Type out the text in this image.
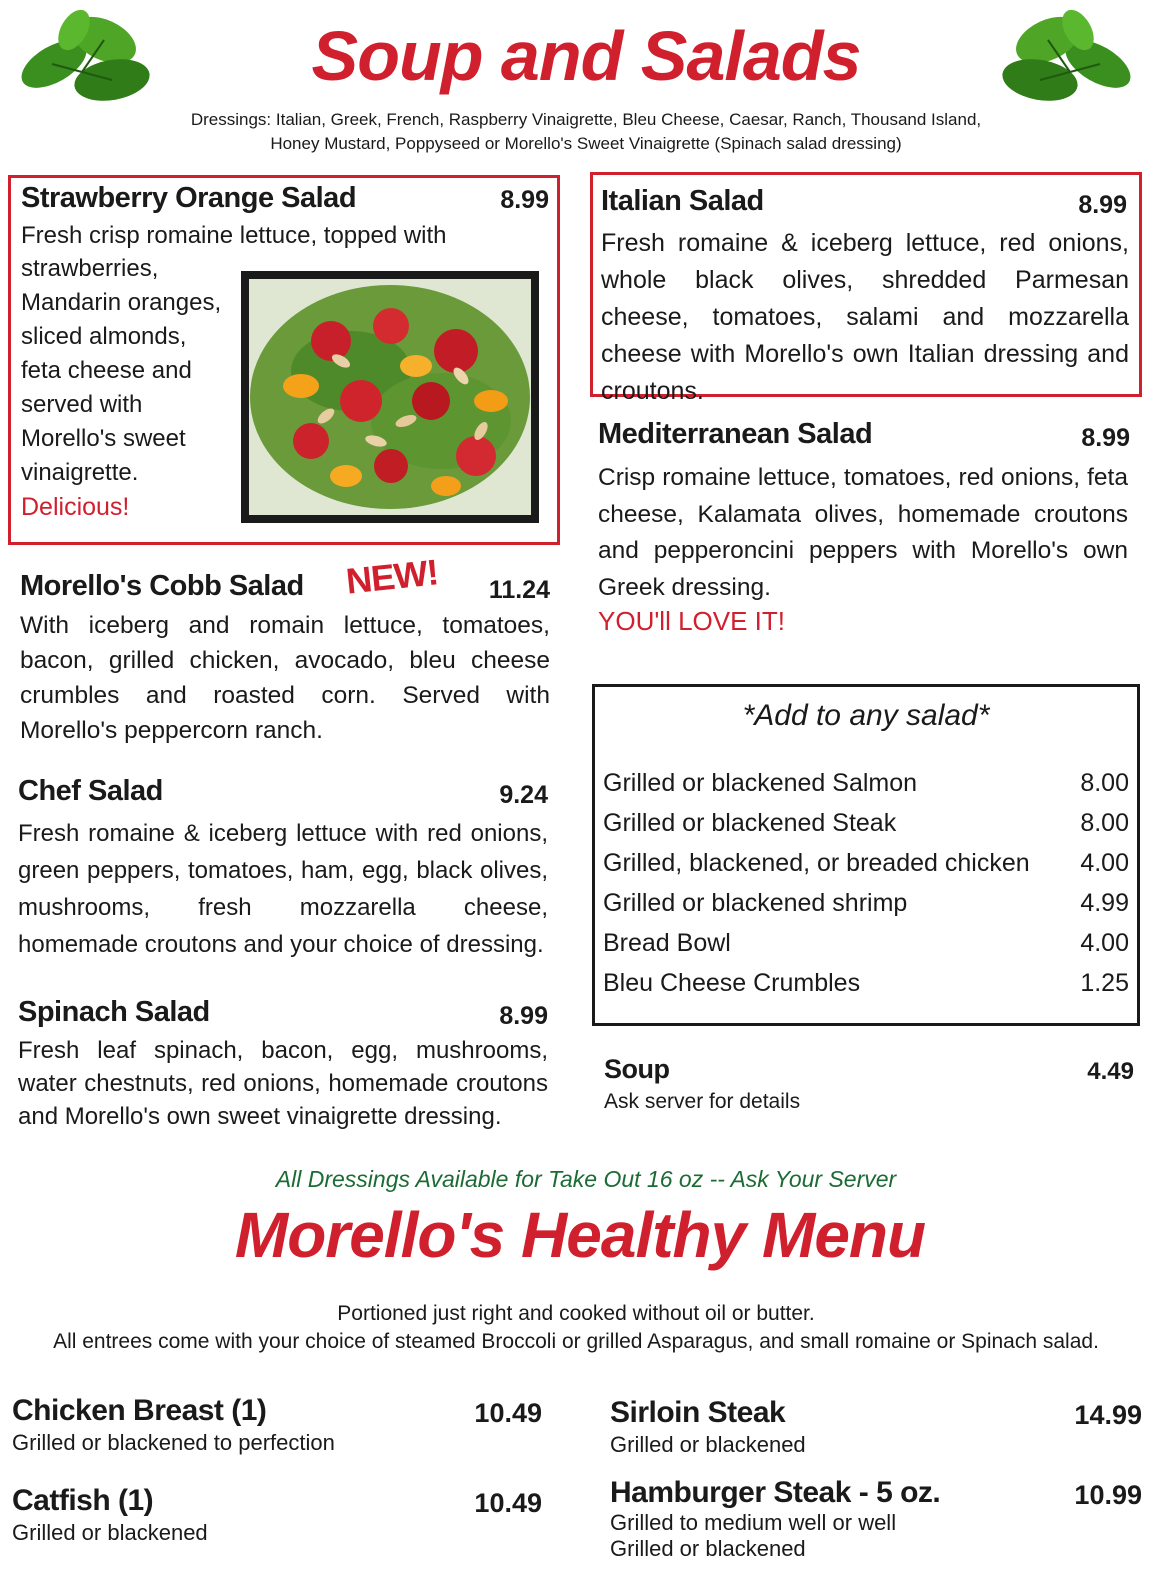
Soup and Salads
Dressings: Italian, Greek, French, Raspberry Vinaigrette, Bleu Cheese, Caesar, Ranch, Thousand Island,
Honey Mustard, Poppyseed or Morello's Sweet Vinaigrette (Spinach salad dressing)
Strawberry Orange Salad	8.99
Fresh crisp romaine lettuce, topped with
strawberries,
Mandarin oranges,
sliced almonds,
feta cheese and
served with
Morello's sweet
vinaigrette.
Delicious!
Italian Salad	8.99
Fresh romaine & iceberg lettuce, red onions, whole black olives, shredded Parmesan cheese, tomatoes, salami and mozzarella cheese with Morello's own Italian dressing and croutons.
Mediterranean Salad	8.99
Crisp romaine lettuce, tomatoes, red onions, feta cheese, Kalamata olives, homemade croutons and pepperoncini peppers with Morello's own Greek dressing.
YOU'll LOVE IT!
Morello's Cobb Salad NEW! 11.24
With iceberg and romain lettuce, tomatoes, bacon, grilled chicken, avocado, bleu cheese crumbles and roasted corn. Served with Morello's peppercorn ranch.
Chef Salad	9.24
Fresh romaine & iceberg lettuce with red onions, green peppers, tomatoes, ham, egg, black olives, mushrooms, fresh mozzarella cheese, homemade croutons and your choice of dressing.
Spinach Salad	8.99
Fresh leaf spinach, bacon, egg, mushrooms, water chestnuts, red onions, homemade croutons and Morello's own sweet vinaigrette dressing.
*Add to any salad*
Grilled or blackened Salmon	8.00
Grilled or blackened Steak	8.00
Grilled, blackened, or breaded chicken 4.00
Grilled or blackened shrimp	4.99
Bread Bowl	4.00
Bleu Cheese Crumbles	1.25
Soup	4.49
Ask server for details
All Dressings Available for Take Out 16 oz -- Ask Your Server
Morello's Healthy Menu
Portioned just right and cooked without oil or butter.
All entrees come with your choice of steamed Broccoli or grilled Asparagus, and small romaine or Spinach salad.
Chicken Breast (1)	10.49
Grilled or blackened to perfection
Catfish (1)	10.49
Grilled or blackened
Sirloin Steak	14.99
Grilled or blackened
Hamburger Steak - 5 oz.	10.99
Grilled to medium well or well
Grilled or blackened
